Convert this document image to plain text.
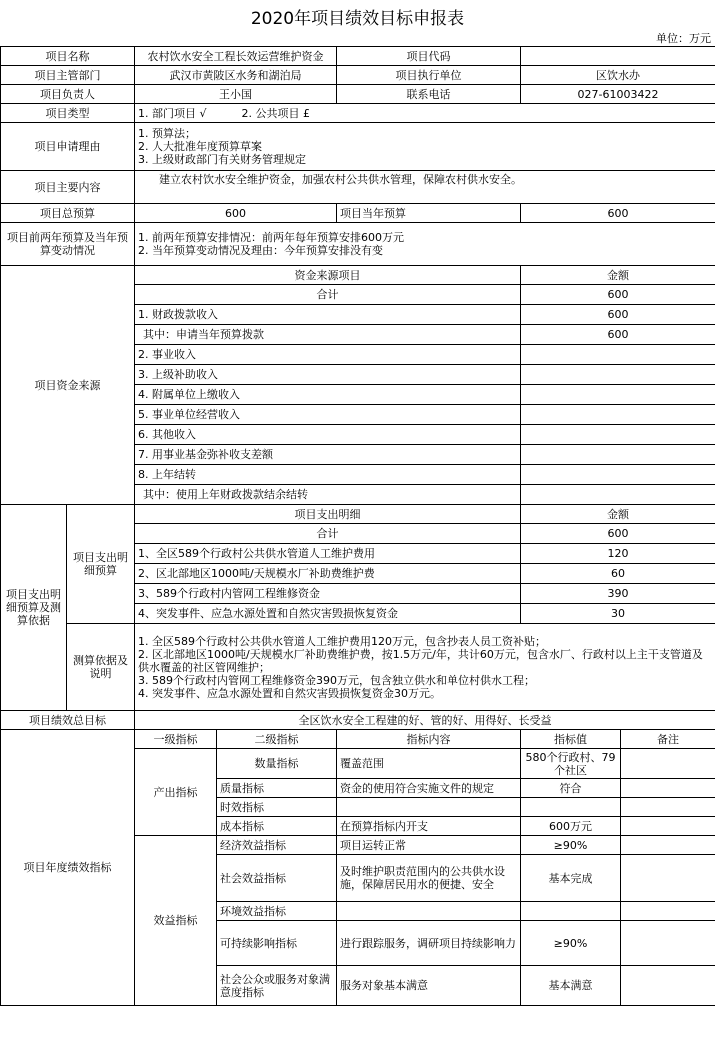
2020年项目绩效目标申报表
单位：万元
项目名称		农村饮水安全工程长效运营维护资金		项目代码		
项目主管部门		武汉市黄陂区水务和湖泊局		项目执行单位	区饮水办	
项目负责人		王小国		联系电话	027-61003422	
项目类型		1. 部门项目 √          2. 公共项目 £				
项目申请理由		1. 预算法；
2. 人大批准年度预算草案
3. 上级财政部门有关财务管理规定				

项目主要内容		建立农村饮水安全维护资金，加强农村公共供水管理，保障农村供水安全。				
项目总预算		600		项目当年预算	600	
项目前两年预算及当年预算变动情况		1. 前两年预算安排情况：前两年每年预算安排600万元
2. 当年预算变动情况及理由：今年预算安排没有变				

项目资金来源		资金来源项目			金额	
		合计			600	
		1. 财政拨款收入			600	
		其中：申请当年预算拨款			600	
		2. 事业收入				
		3. 上级补助收入				
		4. 附属单位上缴收入				
		5. 事业单位经营收入				
		6. 其他收入				
		7. 用事业基金弥补收支差额				
		8. 上年结转				
		其中：使用上年财政拨款结余结转				
项目支出明细预算及测算依据	项目支出明细预算	项目支出明细			金额	
		合计			600	
		1、全区589个行政村公共供水管道人工维护费用			120	
		2、区北部地区1000吨/天规模水厂补助费维护费			60	
		3、589个行政村内管网工程维修资金			390	
		4、突发事件、应急水源处置和自然灾害毁损恢复资金			30	
	测算依据及说明	1. 全区589个行政村公共供水管道人工维护费用120万元，包含抄表人员工资补贴；
2. 区北部地区1000吨/天规模水厂补助费维护费，按1.5万元/年，共计60万元，包含水厂、行政村以上主干支管道及供水覆盖的社区管网维护；
3. 589个行政村内管网工程维修资金390万元，包含独立供水和单位村供水工程；
4. 突发事件、应急水源处置和自然灾害毁损恢复资金30万元。				

项目绩效总目标		全区饮水安全工程建的好、管的好、用得好、长受益				
项目年度绩效指标		一级指标	二级指标	指标内容	指标值	备注
		产出指标	数量指标	覆盖范围	580个行政村、79个社区	
			质量指标	资金的使用符合实施文件的规定	符合	
			时效指标			
			成本指标	在预算指标内开支	600万元	
		效益指标	经济效益指标	项目运转正常	≥90%	
			社会效益指标	及时维护职责范围内的公共供水设施，保障居民用水的便捷、安全	基本完成	
			环境效益指标			
			可持续影响指标	进行跟踪服务，调研项目持续影响力	≥90%	
			社会公众或服务对象满意度指标	服务对象基本满意	基本满意	
